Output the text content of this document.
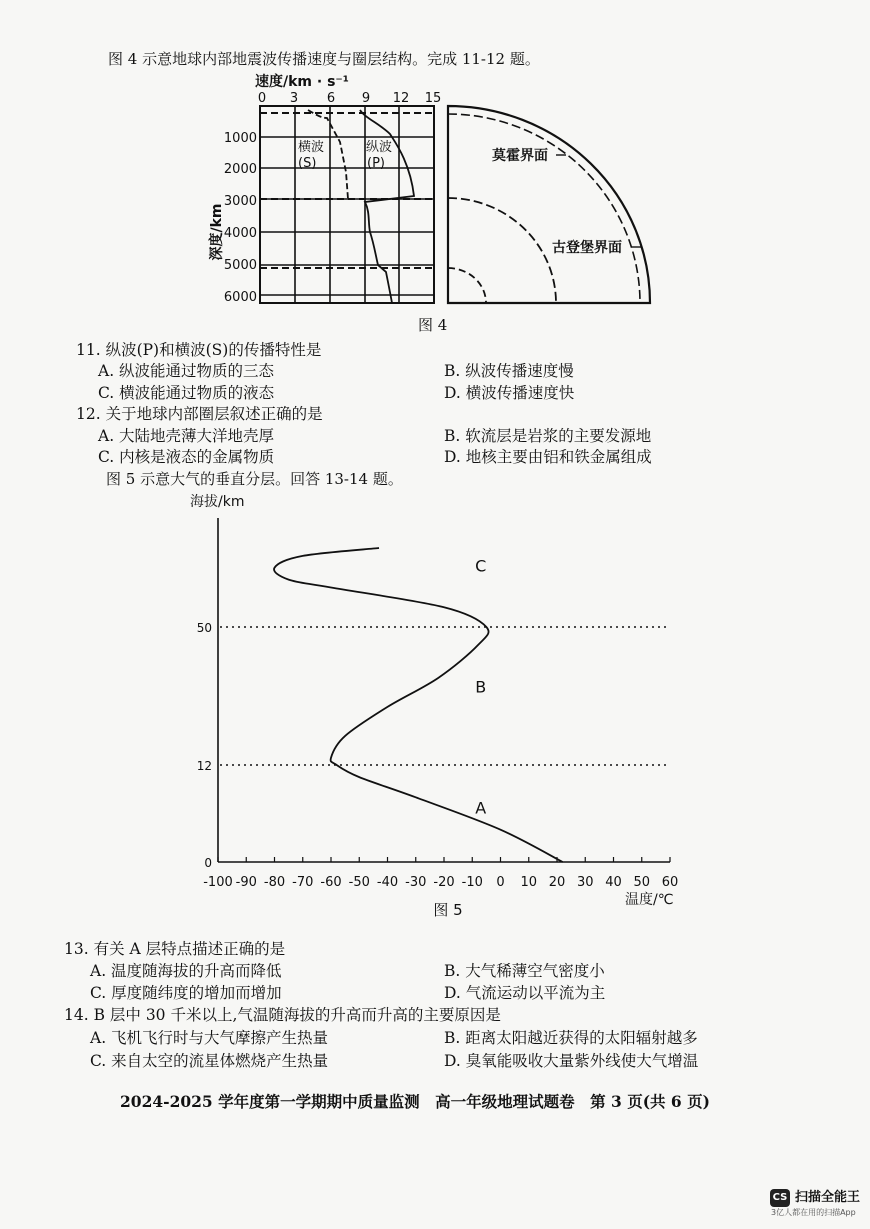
图 4 示意地球内部地震波传播速度与圈层结构。完成 11-12 题。
速度/km · s⁻¹
0 3 6 9 12 15
1000
2000
3000
4000
5000
6000
深度/km
横波
(S)
纵波
(P)	莫霍界面
古登堡界面
图 4
11. 纵波(P)和横波(S)的传播特性是
A. 纵波能通过物质的三态	B. 纵波传播速度慢
C. 横波能通过物质的液态	D. 横波传播速度快
12. 关于地球内部圈层叙述正确的是
A. 大陆地壳薄大洋地壳厚	B. 软流层是岩浆的主要发源地
C. 内核是液态的金属物质	D. 地核主要由铝和铁金属组成
图 5 示意大气的垂直分层。回答 13-14 题。
海拔/km
温度/℃
图 5
-100 -90 -80 -70 -60 -50 -40 -30 -20 -10 0 10 20 30 40 50 60
0
12
50
A
B
C
13. 有关 A 层特点描述正确的是
A. 温度随海拔的升高而降低	B. 大气稀薄空气密度小
C. 厚度随纬度的增加而增加	D. 气流运动以平流为主
14. B 层中 30 千米以上,气温随海拔的升高而升高的主要原因是
A. 飞机飞行时与大气摩擦产生热量	B. 距离太阳越近获得的太阳辐射越多
C. 来自太空的流星体燃烧产生热量	D. 臭氧能吸收大量紫外线使大气增温
2024-2025 学年度第一学期期中质量监测　高一年级地理试题卷　第 3 页(共 6 页)
CS 扫描全能王
3亿人都在用的扫描App
